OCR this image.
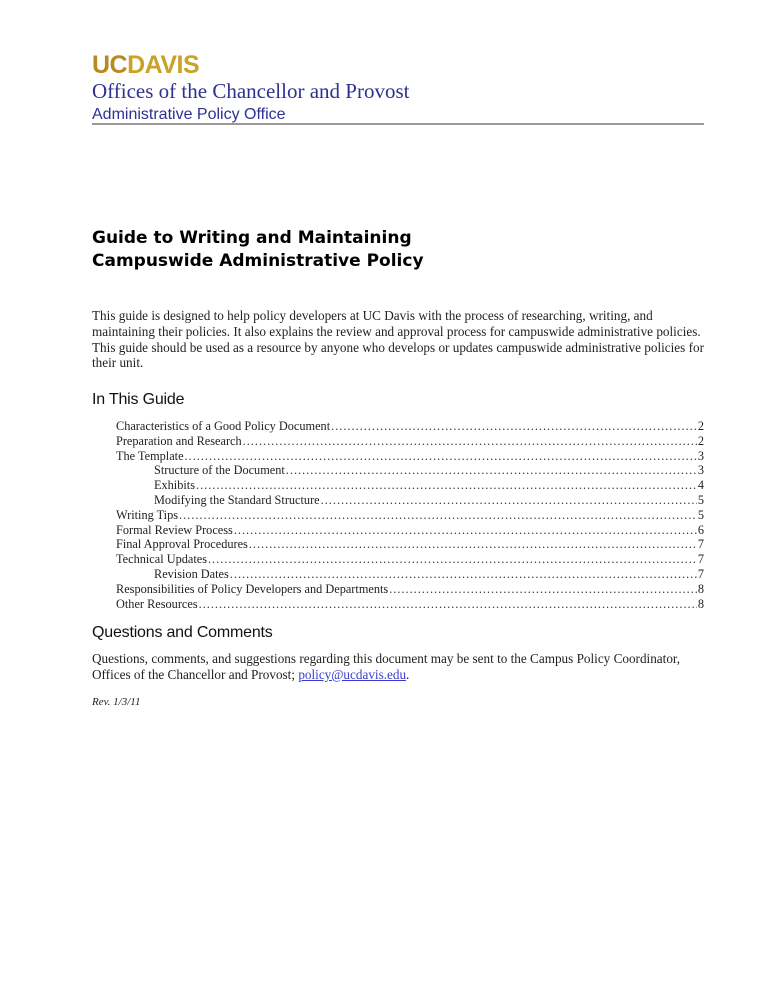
UCDAVIS
Offices of the Chancellor and Provost
Administrative Policy Office
Guide to Writing and Maintaining
Campuswide Administrative Policy
This guide is designed to help policy developers at UC Davis with the process of researching, writing, and maintaining their policies. It also explains the review and approval process for campuswide administrative policies. This guide should be used as a resource by anyone who develops or updates campuswide administrative policies for their unit.
In This Guide
Characteristics of a Good Policy Document .....	2
Preparation and Research .....	2
The Template .....	3
Structure of the Document .....	3
Exhibits .....	4
Modifying the Standard Structure .....	5
Writing Tips .....	5
Formal Review Process .....	6
Final Approval Procedures .....	7
Technical Updates .....	7
Revision Dates .....	7
Responsibilities of Policy Developers and Departments .....	8
Other Resources .....	8
Questions and Comments
Questions, comments, and suggestions regarding this document may be sent to the Campus Policy Coordinator, Offices of the Chancellor and Provost; policy@ucdavis.edu.
Rev. 1/3/11
